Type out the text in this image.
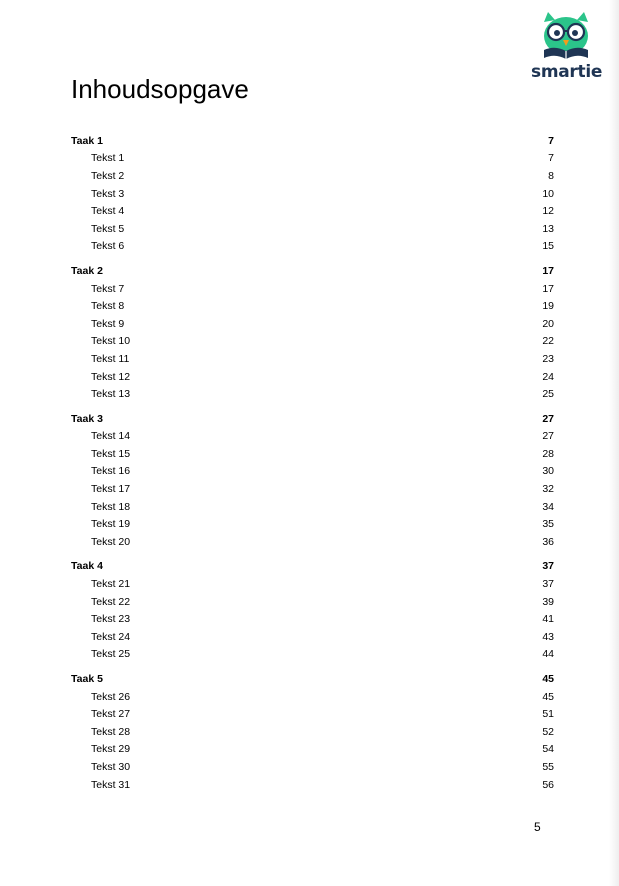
smartie
Inhoudsopgave
Taak 1	7
Tekst 1	7
Tekst 2	8
Tekst 3	10
Tekst 4	12
Tekst 5	13
Tekst 6	15
Taak 2	17
Tekst 7	17
Tekst 8	19
Tekst 9	20
Tekst 10	22
Tekst 11	23
Tekst 12	24
Tekst 13	25
Taak 3	27
Tekst 14	27
Tekst 15	28
Tekst 16	30
Tekst 17	32
Tekst 18	34
Tekst 19	35
Tekst 20	36
Taak 4	37
Tekst 21	37
Tekst 22	39
Tekst 23	41
Tekst 24	43
Tekst 25	44
Taak 5	45
Tekst 26	45
Tekst 27	51
Tekst 28	52
Tekst 29	54
Tekst 30	55
Tekst 31	56
5
